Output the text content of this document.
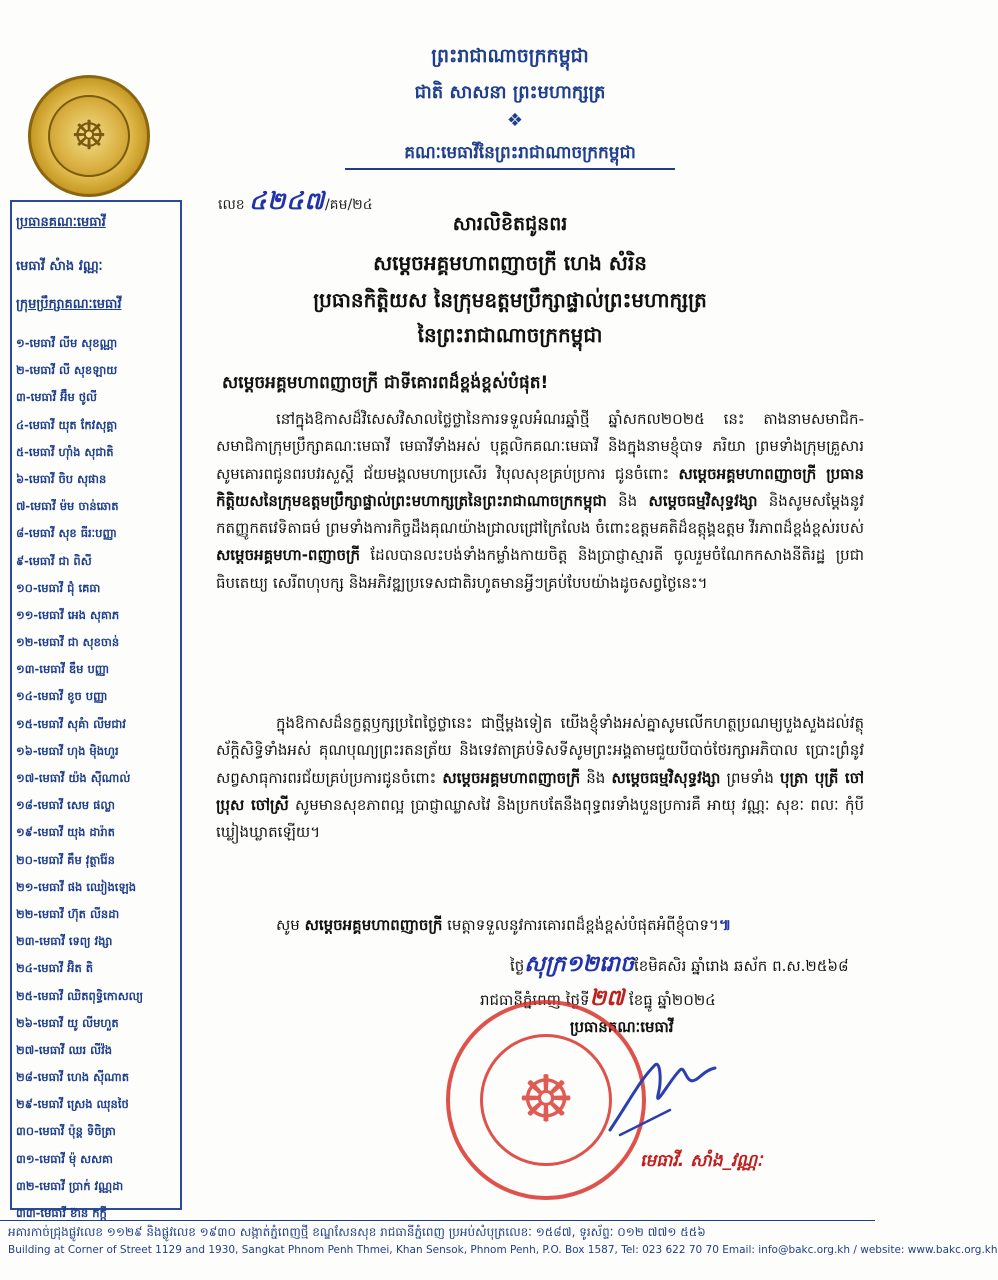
☸
ព្រះរាជាណាចក្រកម្ពុជា
ជាតិ សាសនា ព្រះមហាក្សត្រ
❖
គណៈមេធាវីនៃព្រះរាជាណាចក្រកម្ពុជា
ប្រធានគណៈមេធាវី
មេធាវី សំាង វណ្ណៈ
ក្រុមប្រឹក្សាគណៈមេធាវី
១-មេធាវី លីម សុខណ្ណា
២-មេធាវី លី សុខឡាយ
៣-មេធាវី អ៊ឹម ថូលី
៤-មេធាវី យុត កែវសុគ្គា
៥-មេធាវី ហ៊ាំង សុជាតិ
៦-មេធាវី ចិប សុផាន
៧-មេធាវី ម៉ម ចាន់ឆោត
៨-មេធាវី សុខ ធីរៈបញ្ញា
៩-មេធាវី ជា ពិសី
១០-មេធាវី ជុំ គេធា
១១-មេធាវី អេង សុគាភ
១២-មេធាវី ជា សុខចាន់
១៣-មេធាវី ឌឹម បញ្ញា
១៤-មេធាវី ខូច បញ្ញា
១៥-មេធាវី សុគំា លីមជាវ
១៦-មេធាវី ហុង ម៉ិងហួរ
១៧-មេធាវី យ៉ង ស៊ីណាល់
១៨-មេធាវី សេម ផល្លា
១៩-មេធាវី យុង ដារ៉ាត
២០-មេធាវី គឹម វុត្ថារ៉ែន
២១-មេធាវី ផង ឈៀងឡេង
២២-មេធាវី ហ៊ុត លីនដា
២៣-មេធាវី ទេព្យ វង្សា
២៤-មេធាវី អ៊ិត តិ
២៥-មេធាវី ឈិតពុទ្ធិកោសល្យ
២៦-មេធាវី យូ លីមហួត
២៧-មេធាវី ឈរ លីវ៉ង
២៨-មេធាវី ហេង ស៊ីណាត
២៩-មេធាវី ស្រេង ឈុនថៃ
៣០-មេធាវី ប៉ុន្ត ទិចិត្រា
៣១-មេធាវី ម៉ុ សសគា
៣២-មេធាវី ប្រាក់ វណ្ណដា
៣៣-មេធាវី ខ៊ាន កក្កី
លេខ ៤២៤៧/គម/២៤
សារលិខិតជូនពរ
សម្តេចអគ្គមហាពញាចក្រី ហេង សំរិន
ប្រធានកិត្តិយស នៃក្រុមឧត្តមប្រឹក្សាផ្ទាល់ព្រះមហាក្សត្រ
នៃព្រះរាជាណាចក្រកម្ពុជា
សម្តេចអគ្គមហាពញាចក្រី ជាទីគោរពដ៏ខ្ពង់ខ្ពស់បំផុត!
នៅក្នុងឱកាសដ៏វិសេសវិសាលថ្លៃថ្លានៃការទទួលអំណរឆ្នាំថ្មី ឆ្នាំសកល២០២៥ នេះ តាងនាមសមាជិក-សមាជិកាក្រុមប្រឹក្សាគណៈមេធាវី មេធាវីទាំងអស់ បុគ្គលិកគណៈមេធាវី និងក្នុងនាមខ្ញុំបាទ ភរិយា ព្រមទាំងក្រុមគ្រួសារ សូមគោរពជូនពរបវរសួស្តី ជ័យមង្គលមហាប្រសើរ វិបុលសុខគ្រប់ប្រការ ជូនចំពោះ សម្តេចអគ្គមហាពញាចក្រី ប្រធានកិត្តិយសនៃក្រុមឧត្តមប្រឹក្សាផ្ទាល់ព្រះមហាក្សត្រនៃព្រះរាជាណាចក្រកម្ពុជា និង សម្តេចធម្មវិសុទ្ធវង្សា និងសូមសម្តែងនូវកតញ្ញូកតវេទិតាធម៌ ព្រមទាំងការកិច្ចដឹងគុណយ៉ាងជ្រាលជ្រៅក្រៃលែង ចំពោះឧត្តមគតិដ៏ឧត្តុង្គឧត្តម វីរភាពដ៏ខ្ពង់ខ្ពស់របស់ សម្តេចអគ្គមហា-ពញាចក្រី ដែលបានលះបង់ទាំងកម្លាំងកាយចិត្ត និងប្រាជ្ញាស្មារតី ចូលរួមចំណែកកសាងនីតិរដ្ឋ ប្រជាធិបតេយ្យ សេរីពហុបក្ស និងអភិវឌ្ឍប្រទេសជាតិរហូតមានអ្វីៗគ្រប់បែបយ៉ាងដូចសព្វថ្ងៃនេះ។
ក្នុងឱកាសដ៏នក្ខត្តឫក្សប្រពៃថ្លៃថ្លានេះ ជាថ្មីម្តងទៀត យើងខ្ញុំទាំងអស់គ្នាសូមលើកហត្ថប្រណម្យបួងសួងដល់វត្ថុស័ក្តិសិទ្ធិទាំងអស់ គុណបុណ្យព្រះរតនត្រ័យ និងទេវតាគ្រប់ទិសទីសូមព្រះអង្គតាមជួយបីបាច់ថែរក្សាអភិបាល ប្រោះព្រំនូវសព្វសាធុការពរជ័យគ្រប់ប្រការជូនចំពោះ សម្តេចអគ្គមហាពញាចក្រី និង សម្តេចធម្មវិសុទ្ធវង្សា ព្រមទាំង បុត្រា បុត្រី ចៅប្រុស ចៅស្រី សូមមានសុខភាពល្អ ប្រាជ្ញាឈ្លាសវៃ និងប្រកបតែនឹងពុទ្ធពរទាំងបួនប្រការគឺ អាយុ វណ្ណៈ សុខៈ ពលៈ កុំបីឃ្លៀងឃ្លាតឡើយ។
សូម សម្តេចអគ្គមហាពញាចក្រី មេត្តាទទួលនូវការគោរពដ៏ខ្ពង់ខ្ពស់បំផុតអំពីខ្ញុំបាទ។៕
ថ្ងៃសុក្រ១២រោចខែមិគសិរ ឆ្នាំរោង ឆស័ក ព.ស.២៥៦៨
រាជធានីភ្នំពេញ ថ្ងៃទី២៧ ខែធ្នូ ឆ្នាំ២០២៤
ប្រធានគណៈមេធាវី
☸
មេធាវី. សាំង_វណ្ណៈ
អគារកាច់ជ្រុងផ្លូវលេខ ១១២៩ និងផ្លូវលេខ ១៩៣០ សង្កាត់ភ្នំពេញថ្មី ខណ្ឌសែនសុខ រាជធានីភ្នំពេញ ប្រអប់សំបុត្រលេខៈ ១៥៨៧, ទូរស័ព្ទៈ ០១២ ៧៧១ ៥៥៦
Building at Corner of Street 1129 and 1930, Sangkat Phnom Penh Thmei, Khan Sensok, Phnom Penh, P.O. Box 1587, Tel: 023 622 70 70 Email: info@bakc.org.kh / website: www.bakc.org.kh
